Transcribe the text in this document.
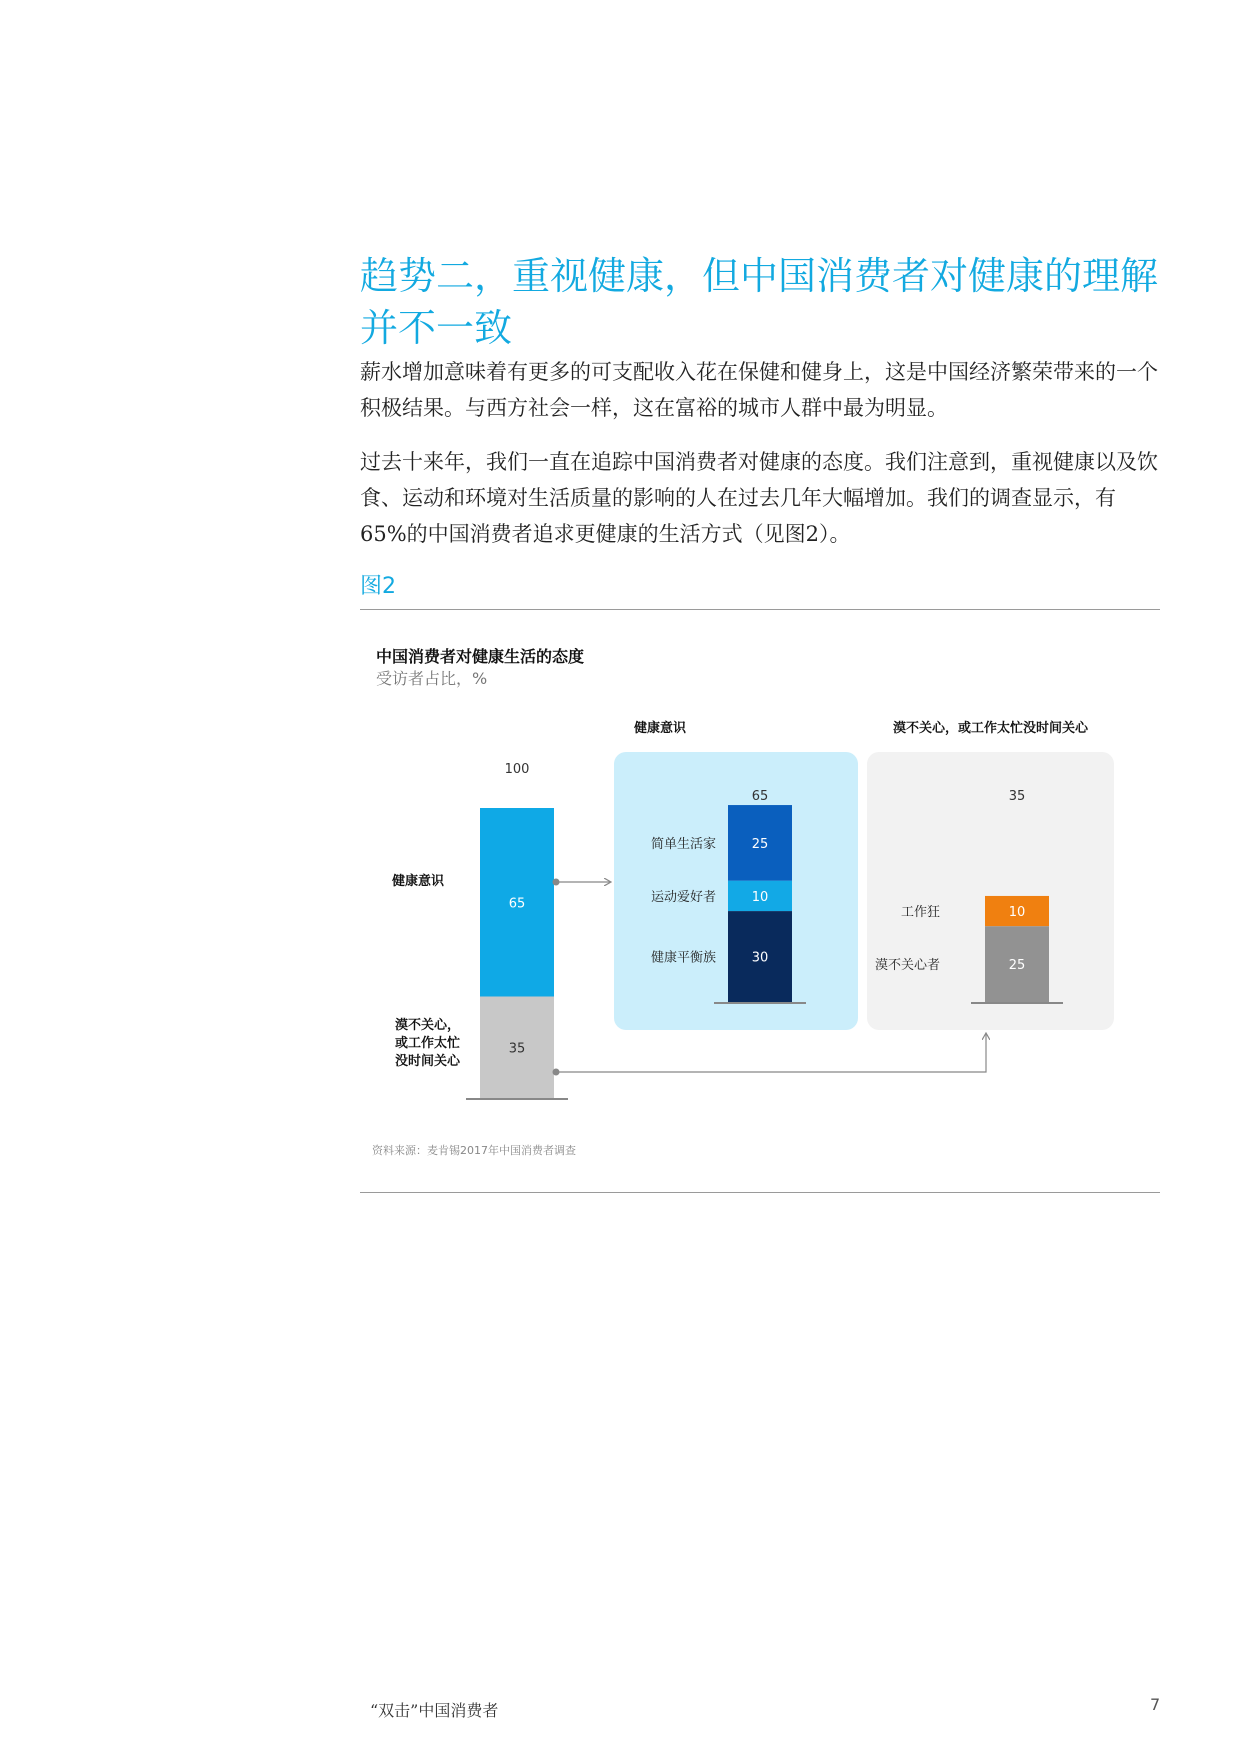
趋势二，重视健康，但中国消费者对健康的理解并不一致

薪水增加意味着有更多的可支配收入花在保健和健身上，这是中国经济繁荣带来的一个积极结果。与西方社会一样，这在富裕的城市人群中最为明显。

过去十来年，我们一直在追踪中国消费者对健康的态度。我们注意到，重视健康以及饮食、运动和环境对生活质量的影响的人在过去几年大幅增加。我们的调查显示，有65%的中国消费者追求更健康的生活方式（见图2）。

图2
中国消费者对健康生活的态度
受访者占比，%
健康意识	漠不关心，或工作太忙没时间关心
65
35
100
健康意识
漠不关心， 或工作太忙 没时间关心
25
10
30
65
简单生活家
运动爱好者
健康平衡族
10
25
35
工作狂
漠不关心者
资料来源：麦肯锡2017年中国消费者调查
“双击”中国消费者	7
